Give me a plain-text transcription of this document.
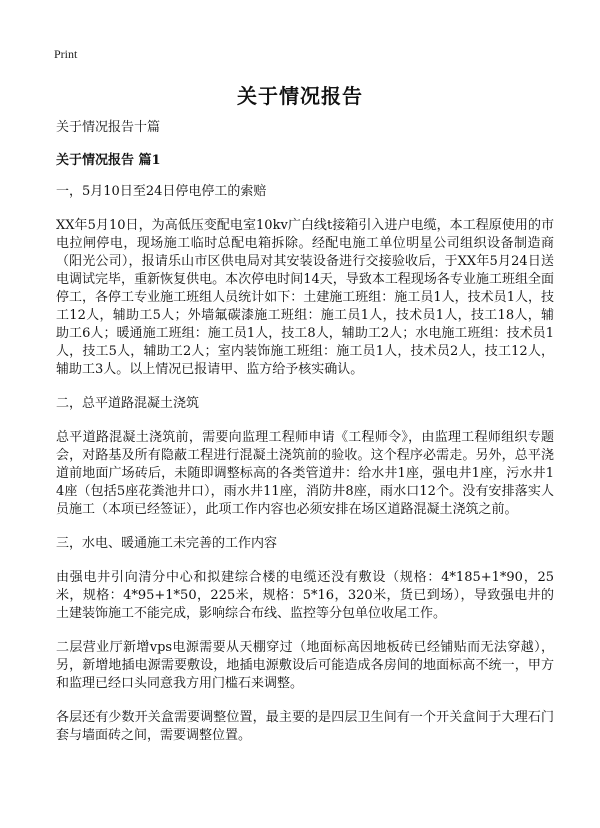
Print
关于情况报告

关于情况报告十篇

关于情况报告 篇1

一，5月10日至24日停电停工的索赔

XX年5月10日，为高低压变配电室10kv广白线t接箱引入进户电缆，本工程原使用的市电拉闸停电，现场施工临时总配电箱拆除。经配电施工单位明星公司组织设备制造商（阳光公司），报请乐山市区供电局对其安装设备进行交接验收后，于XX年5月24日送电调试完毕，重新恢复供电。本次停电时间14天，导致本工程现场各专业施工班组全面停工，各停工专业施工班组人员统计如下：土建施工班组：施工员1人，技术员1人，技工12人，辅助工5人；外墙氟碳漆施工班组：施工员1人，技术员1人，技工18人，辅助工6人；暖通施工班组：施工员1人，技工8人，辅助工2人；水电施工班组：技术员1人，技工5人，辅助工2人；室内装饰施工班组：施工员1人，技术员2人，技工12人，辅助工3人。以上情况已报请甲、监方给予核实确认。

二，总平道路混凝土浇筑

总平道路混凝土浇筑前，需要向监理工程师申请《工程师令》，由监理工程师组织专题会，对路基及所有隐蔽工程进行混凝土浇筑前的验收。这个程序必需走。另外，总平浇道前地面广场砖后，未随即调整标高的各类管道井：给水井1座，强电井1座，污水井14座（包括5座花粪池井口），雨水井11座，消防井8座，雨水口12个。没有安排落实人员施工（本项已经签证），此项工作内容也必须安排在场区道路混凝土浇筑之前。

三，水电、暖通施工未完善的工作内容

由强电井引向清分中心和拟建综合楼的电缆还没有敷设（规格：4*185+1*90，25米，规格：4*95+1*50，225米，规格：5*16，320米，货已到场），导致强电井的土建装饰施工不能完成，影响综合布线、监控等分包单位收尾工作。

二层营业厅新增vps电源需要从天棚穿过（地面标高因地板砖已经铺贴而无法穿越），另，新增地插电源需要敷设，地插电源敷设后可能造成各房间的地面标高不统一，甲方和监理已经口头同意我方用门槛石来调整。

各层还有少数开关盒需要调整位置，最主要的是四层卫生间有一个开关盒间于大理石门套与墙面砖之间，需要调整位置。
